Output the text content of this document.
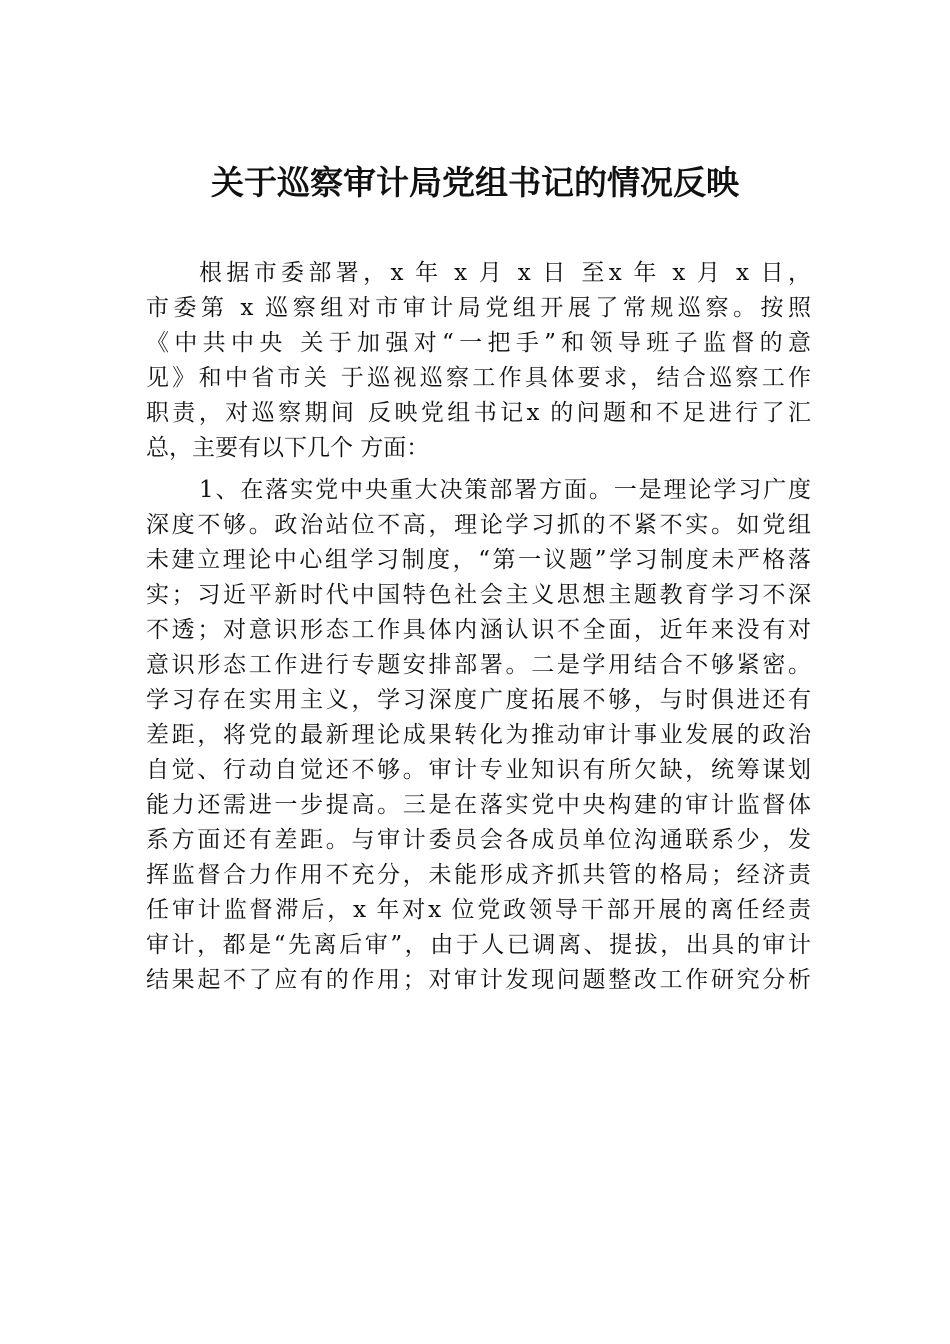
关于巡察审计局党组书记的情况反映
根据市委部署，x 年 x 月 x 日 至x 年 x 月 x 日，
市委第 x 巡察组对市审计局党组开展了常规巡察。按照
《中共中央 关于加强对“一把手”和领导班子监督的意
见》和中省市关 于巡视巡察工作具体要求，结合巡察工作
职责，对巡察期间 反映党组书记x 的问题和不足进行了汇
总，主要有以下几个 方面：
1、在落实党中央重大决策部署方面。一是理论学习广度
深度不够。政治站位不高，理论学习抓的不紧不实。如党组
未建立理论中心组学习制度，“第一议题”学习制度未严格落
实；习近平新时代中国特色社会主义思想主题教育学习不深
不透；对意识形态工作具体内涵认识不全面，近年来没有对
意识形态工作进行专题安排部署。二是学用结合不够紧密。
学习存在实用主义，学习深度广度拓展不够，与时俱进还有
差距，将党的最新理论成果转化为推动审计事业发展的政治
自觉、行动自觉还不够。审计专业知识有所欠缺，统筹谋划
能力还需进一步提高。三是在落实党中央构建的审计监督体
系方面还有差距。与审计委员会各成员单位沟通联系少，发
挥监督合力作用不充分，未能形成齐抓共管的格局；经济责
任审计监督滞后，x 年对x 位党政领导干部开展的离任经责
审计，都是“先离后审”，由于人已调离、提拔，出具的审计
结果起不了应有的作用；对审计发现问题整改工作研究分析
